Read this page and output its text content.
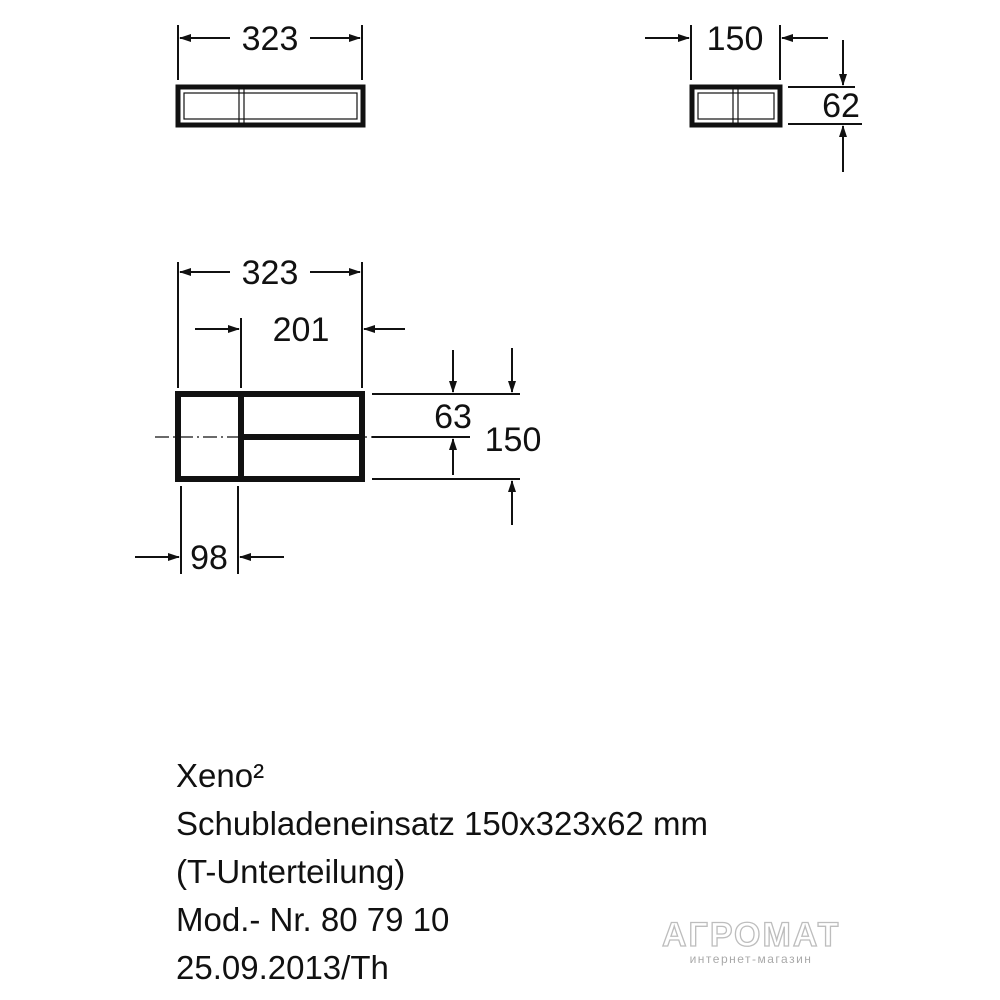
323	150
62
323
201
63
150
98
Xeno²
Schubladeneinsatz 150x323x62 mm
(T-Unterteilung)
Mod.- Nr. 80 79 10
25.09.2013/Th
АГРОМАТ
интернет-магазин
